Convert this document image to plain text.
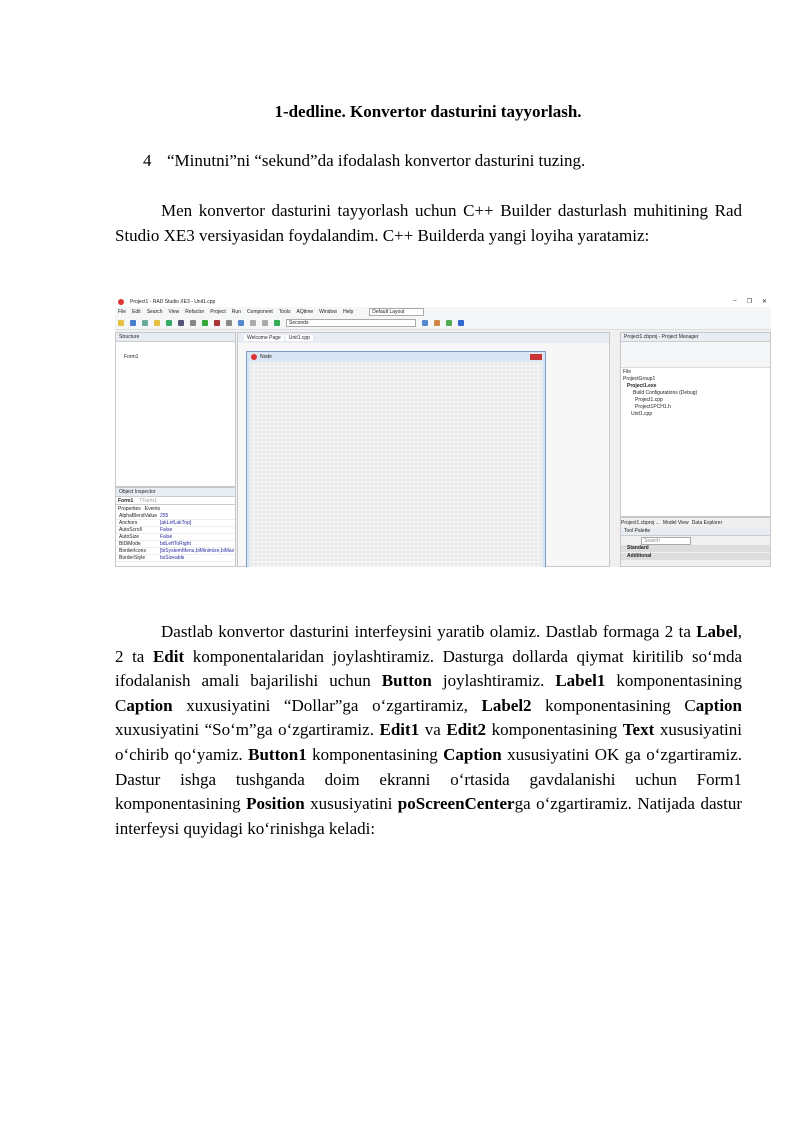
1-dedline. Konvertor dasturini tayyorlash.
4 “Minutni”ni “sekund”da ifodalash konvertor dasturini tuzing.

Men konvertor dasturini tayyorlash uchun C++ Builder dasturlash muhitining Rad Studio XE3 versiyasidan foydalandim. C++ Builderda yangi loyiha yaratamiz:

Project1 - RAD Studio XE3 - Unit1.cpp	– ❐ ✕
Default Layout
File Edit Search View Refactor Project Run Component Tools AQtime Window Help
Seconds
Structure
Form1
Object Inspector
Form1 TForm1
Properties Events
AlphaBlendValue 255
Anchors	[akLeft,akTop]
AutoScroll	False
AutoSize	False
BiDiMode	bdLeftToRight
BorderIcons	[biSystemMenu,biMinimize,biMax
BorderStyle	bsSizeable
Welcome Page	Unit1.cpp
Node
Project1.cbproj - Project Manager
File
ProjectGroup1
Project1.exe
Build Configurations (Debug)
Project1.cpp
Project1PCH1.h
Unit1.cpp
Project1.cbproj ... Model View Data Explorer
Tool Palette
Search
Standard
Additional

Dastlab konvertor dasturini interfeysini yaratib olamiz. Dastlab formaga 2 ta Label, 2 ta Edit komponentalaridan joylashtiramiz. Dasturga dollarda qiymat kiritilib so‘mda ifodalanish amali bajarilishi uchun Button joylashtiramiz. Label1 komponentasining Caption xuxusiyatini “Dollar”ga o‘zgartiramiz, Label2 komponentasining Caption xuxusiyatini “So‘m”ga o‘zgartiramiz. Edit1 va Edit2 komponentasining Text xususiyatini o‘chirib qo‘yamiz. Button1 komponentasining Caption xususiyatini OK ga o‘zgartiramiz. Dastur ishga tushganda doim ekranni o‘rtasida gavdalanishi uchun Form1 komponentasining Position xususiyatini poScreenCenterga o‘zgartiramiz. Natijada dastur interfeysi quyidagi ko‘rinishga keladi:
